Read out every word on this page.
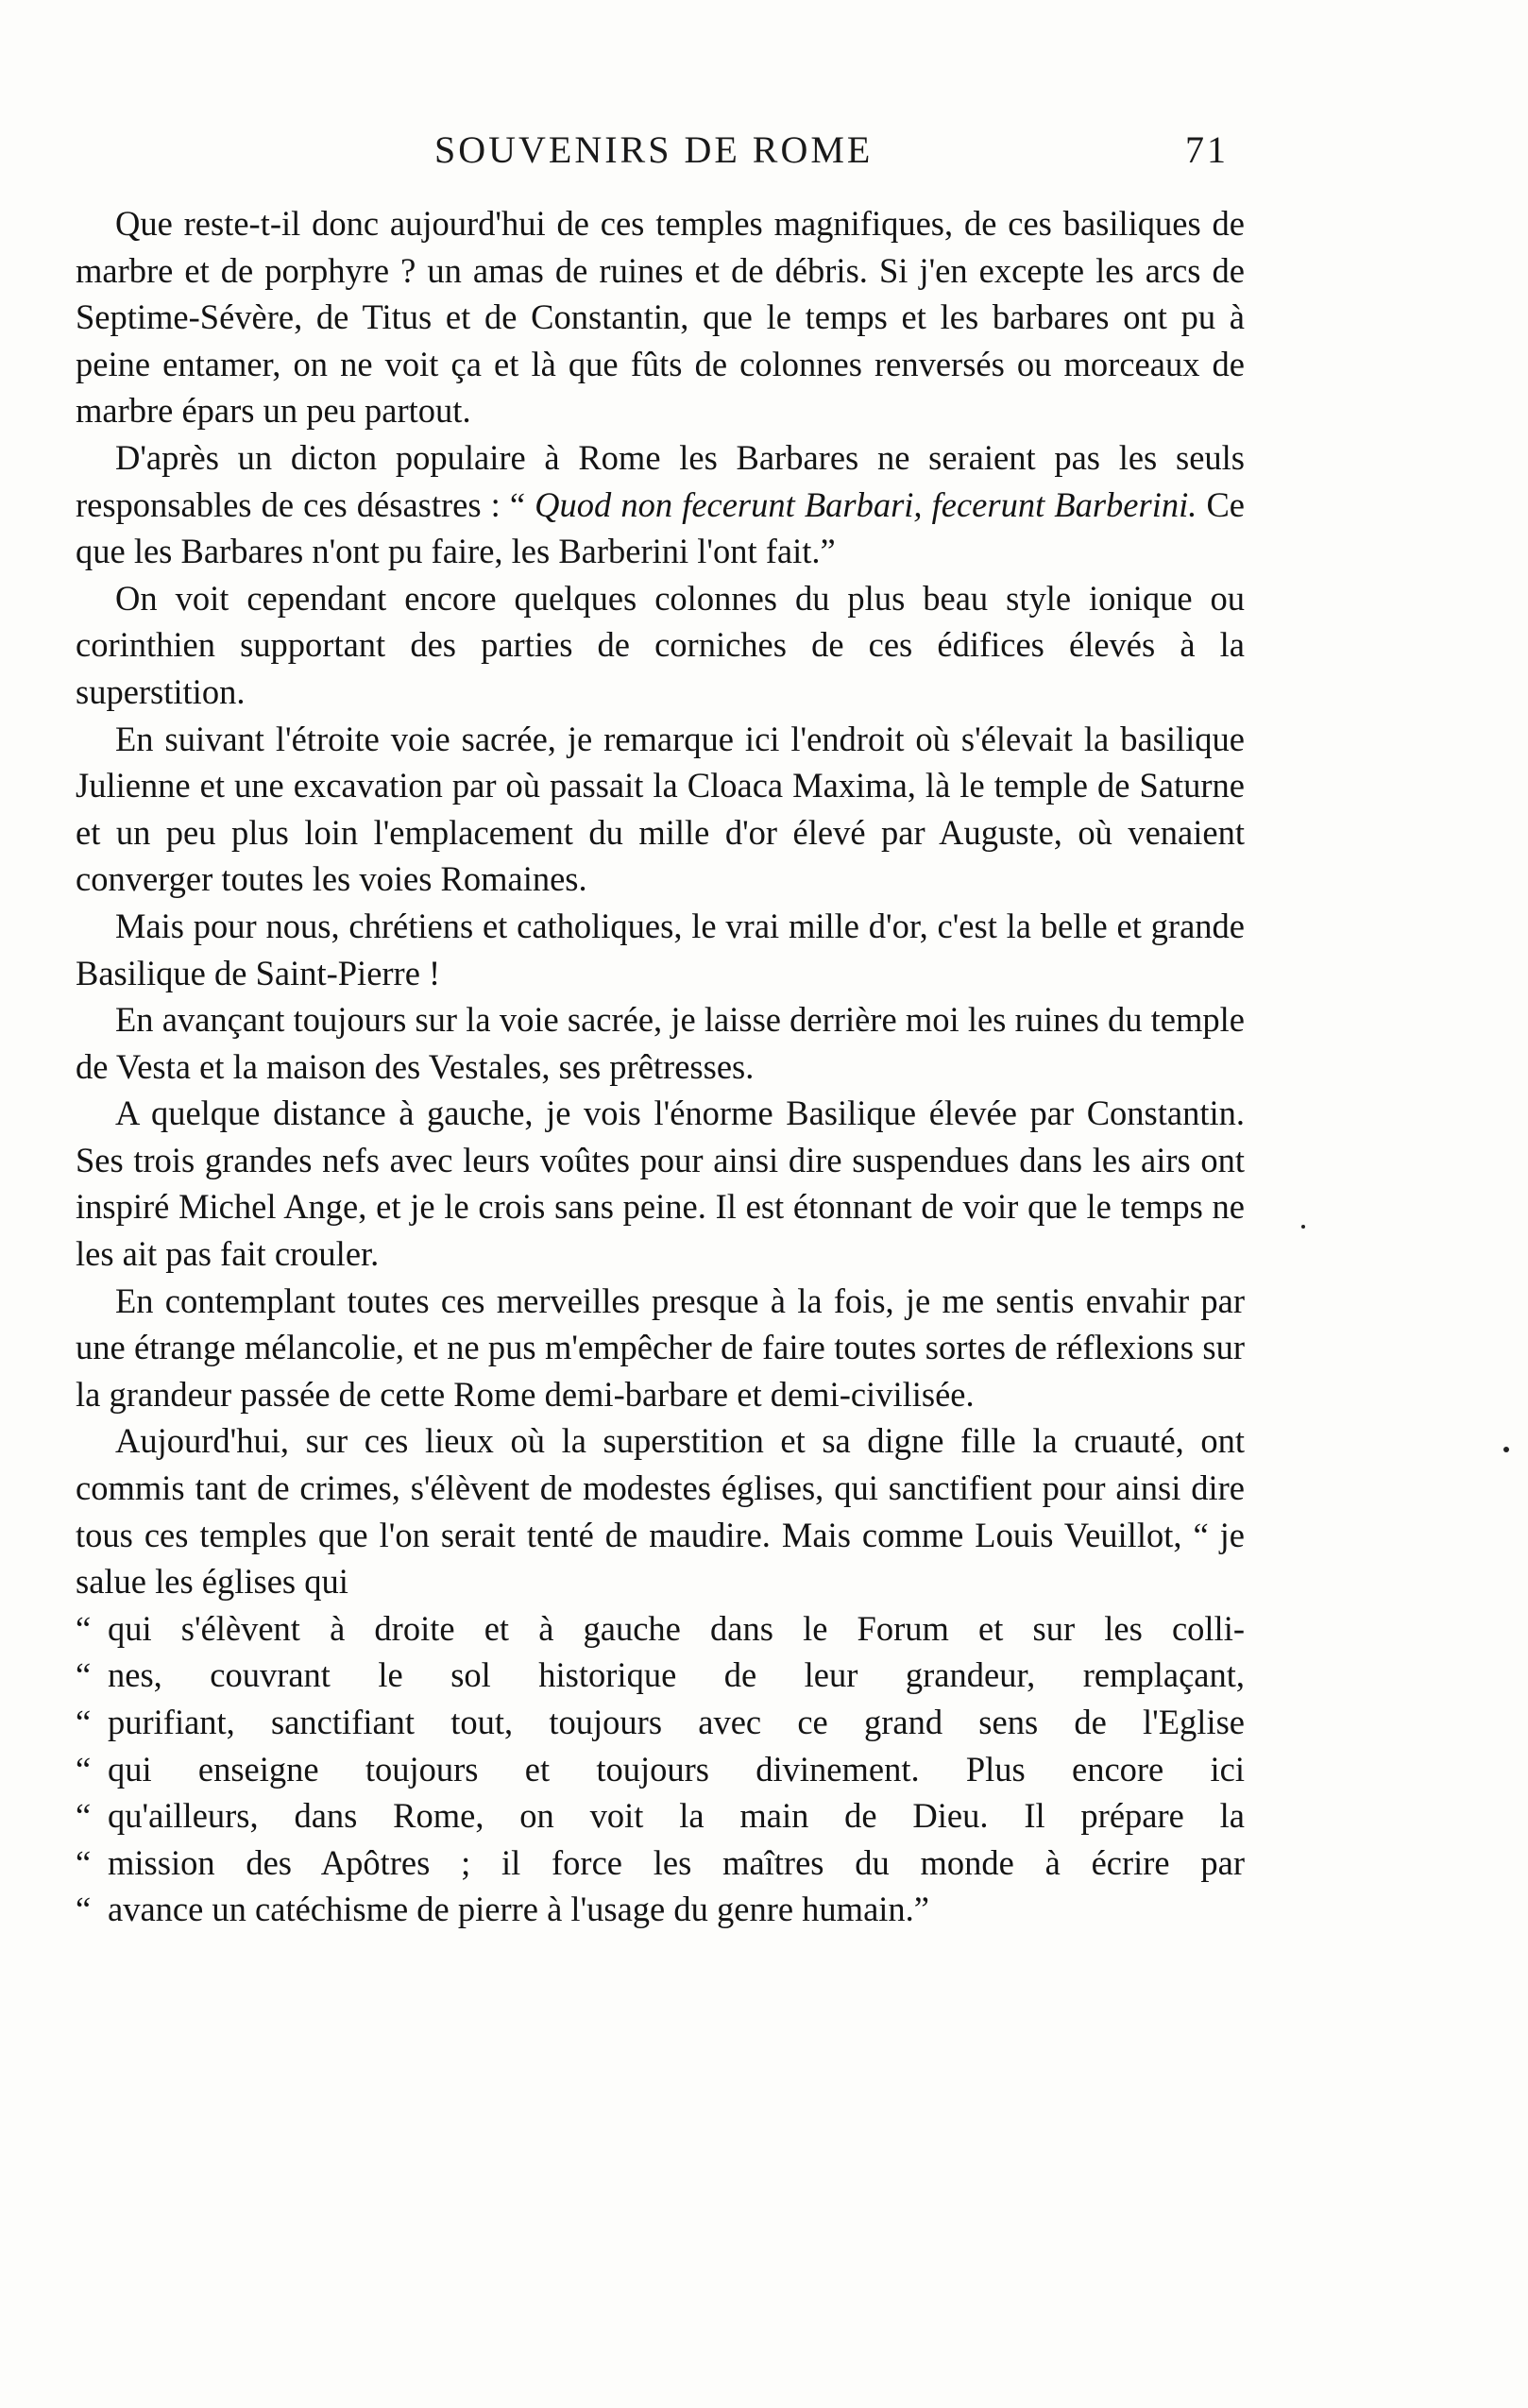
SOUVENIRS DE ROME	71

Que reste-t-il donc aujourd'hui de ces temples magnifiques, de ces basiliques de marbre et de porphyre ? un amas de ruines et de débris. Si j'en excepte les arcs de Septime-Sévère, de Titus et de Constantin, que le temps et les barbares ont pu à peine entamer, on ne voit ça et là que fûts de colonnes renversés ou morceaux de marbre épars un peu partout.

D'après un dicton populaire à Rome les Barbares ne seraient pas les seuls responsables de ces désastres : “ Quod non fecerunt Barbari, fecerunt Barberini. Ce que les Barbares n'ont pu faire, les Barberini l'ont fait.”

On voit cependant encore quelques colonnes du plus beau style ionique ou corinthien supportant des parties de corniches de ces édifices élevés à la superstition.

En suivant l'étroite voie sacrée, je remarque ici l'endroit où s'élevait la basilique Julienne et une excavation par où passait la Cloaca Maxima, là le temple de Saturne et un peu plus loin l'emplacement du mille d'or élevé par Auguste, où venaient converger toutes les voies Romaines.

Mais pour nous, chrétiens et catholiques, le vrai mille d'or, c'est la belle et grande Basilique de Saint-Pierre !

En avançant toujours sur la voie sacrée, je laisse derrière moi les ruines du temple de Vesta et la maison des Vestales, ses prêtresses.

A quelque distance à gauche, je vois l'énorme Basilique élevée par Constantin. Ses trois grandes nefs avec leurs voûtes pour ainsi dire suspendues dans les airs ont inspiré Michel Ange, et je le crois sans peine. Il est étonnant de voir que le temps ne les ait pas fait crouler.

En contemplant toutes ces merveilles presque à la fois, je me sentis envahir par une étrange mélancolie, et ne pus m'empêcher de faire toutes sortes de réflexions sur la grandeur passée de cette Rome demi-barbare et demi-civilisée.

Aujourd'hui, sur ces lieux où la superstition et sa digne fille la cruauté, ont commis tant de crimes, s'élèvent de modestes églises, qui sanctifient pour ainsi dire tous ces temples que l'on serait tenté de maudire. Mais comme Louis Veuillot, “ je salue les églises qui

“ qui s'élèvent à droite et à gauche dans le Forum et sur les colli-

“ nes, couvrant le sol historique de leur grandeur, remplaçant,

“ purifiant, sanctifiant tout, toujours avec ce grand sens de l'Eglise

“ qui enseigne toujours et toujours divinement. Plus encore ici

“ qu'ailleurs, dans Rome, on voit la main de Dieu. Il prépare la

“ mission des Apôtres ; il force les maîtres du monde à écrire par

“ avance un catéchisme de pierre à l'usage du genre humain.”
